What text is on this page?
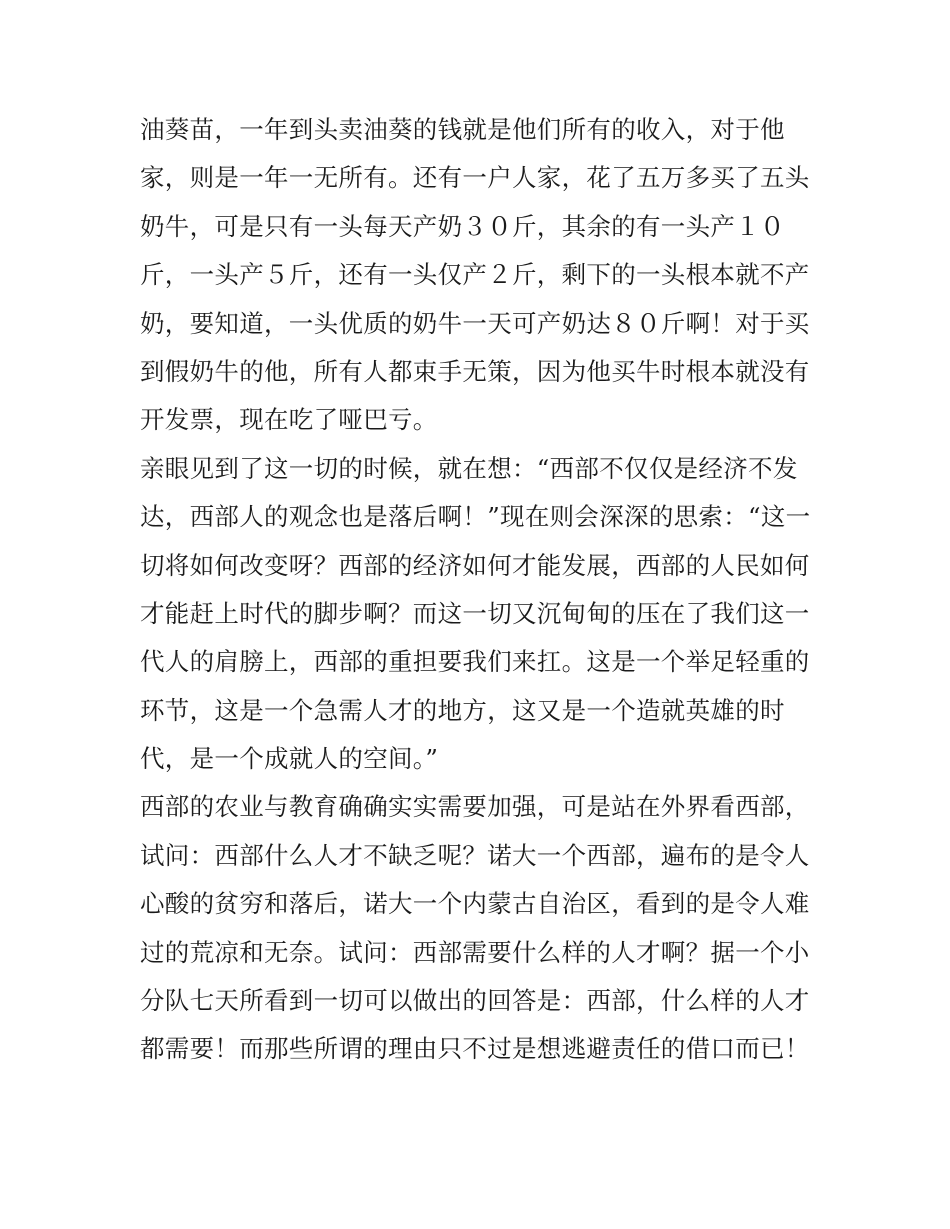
油葵苗，一年到头卖油葵的钱就是他们所有的收入，对于他
家，则是一年一无所有。还有一户人家，花了五万多买了五头
奶牛，可是只有一头每天产奶３０斤，其余的有一头产１０
斤，一头产５斤，还有一头仅产２斤，剩下的一头根本就不产
奶，要知道，一头优质的奶牛一天可产奶达８０斤啊！对于买
到假奶牛的他，所有人都束手无策，因为他买牛时根本就没有
开发票，现在吃了哑巴亏。
亲眼见到了这一切的时候，就在想：“西部不仅仅是经济不发
达，西部人的观念也是落后啊！”现在则会深深的思索：“这一
切将如何改变呀？西部的经济如何才能发展，西部的人民如何
才能赶上时代的脚步啊？而这一切又沉甸甸的压在了我们这一
代人的肩膀上，西部的重担要我们来扛。这是一个举足轻重的
环节，这是一个急需人才的地方，这又是一个造就英雄的时
代，是一个成就人的空间。”
西部的农业与教育确确实实需要加强，可是站在外界看西部，
试问：西部什么人才不缺乏呢？诺大一个西部，遍布的是令人
心酸的贫穷和落后，诺大一个内蒙古自治区，看到的是令人难
过的荒凉和无奈。试问：西部需要什么样的人才啊？据一个小
分队七天所看到一切可以做出的回答是：西部，什么样的人才
都需要！而那些所谓的理由只不过是想逃避责任的借口而已！
